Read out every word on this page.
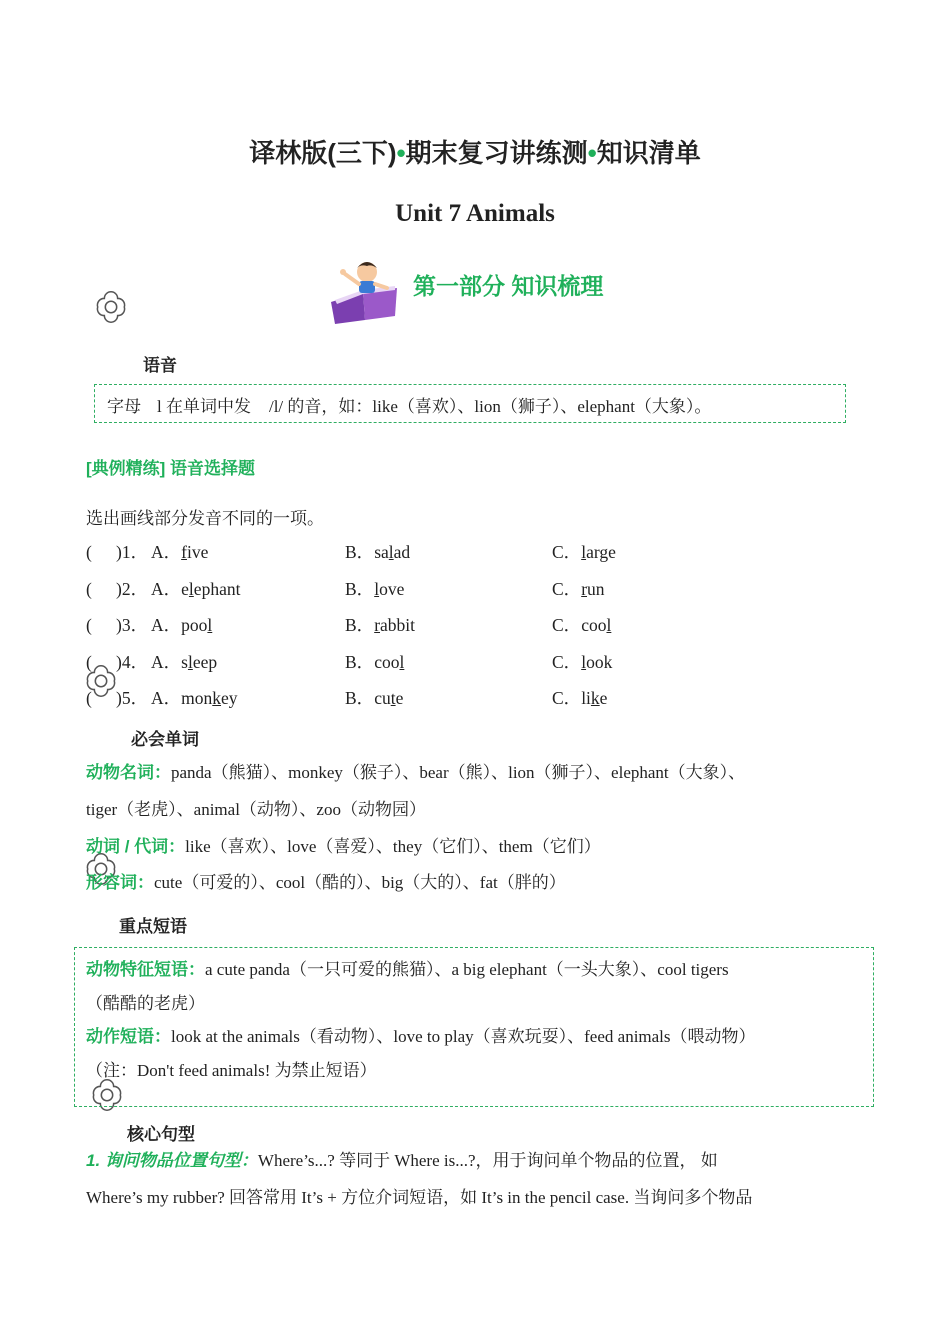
译林版(三下)•期末复习讲练测•知识清单
Unit 7 Animals
第一部分 知识梳理
语音
字母 l 在单词中发 /l/ 的音，如：like（喜欢）、lion（狮子）、elephant（大象）。
[典例精练] 语音选择题
选出画线部分发音不同的一项。
( )1． A．five	B．salad	C．large
( )2． A．elephant	B．love	C．run
( )3． A．pool	B．rabbit	C．cool
( )4． A．sleep	B．cool	C．look
( )5． A．monkey	B．cute	C．like
必会单词
动物名词：panda（熊猫）、monkey（猴子）、bear（熊）、lion（狮子）、elephant（大象）、
tiger（老虎）、animal（动物）、zoo（动物园）
动词 / 代词：like（喜欢）、love（喜爱）、they（它们）、them（它们）
形容词：cute（可爱的）、cool（酷的）、big（大的）、fat（胖的）
重点短语
动物特征短语：a cute panda（一只可爱的熊猫）、a big elephant（一头大象）、cool tigers
（酷酷的老虎）
动作短语：look at the animals（看动物）、love to play（喜欢玩耍）、feed animals（喂动物）
（注：Don't feed animals! 为禁止短语）
核心句型
1. 询问物品位置句型：Where’s...? 等同于 Where is...?，用于询问单个物品的位置， 如
Where’s my rubber? 回答常用 It’s + 方位介词短语，如 It’s in the pencil case. 当询问多个物品
